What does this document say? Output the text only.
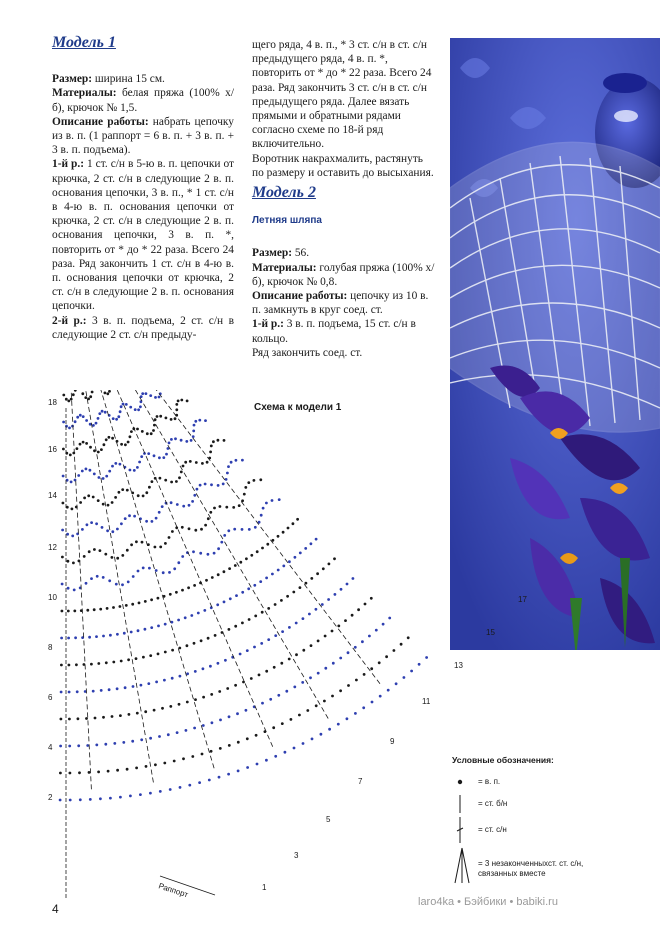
Модель 1

Размер: ширина 15 см.

Материалы: белая пряжа (100% х/б), крючок № 1,5.

Описание работы: набрать цепочку из в. п. (1 раппорт = 6 в. п. + 3 в. п. + 3 в. п. подъема).

1-й р.: 1 ст. с/н в 5-ю в. п. цепочки от крючка, 2 ст. с/н в следующие 2 в. п. основания цепочки, 3 в. п., * 1 ст. с/н в 4-ю в. п. основания цепочки от крючка, 2 ст. с/н в следующие 2 в. п. основания цепочки, 3 в. п. *, повторить от * до * 22 раза. Всего 24 раза. Ряд закончить 1 ст. с/н в 4-ю в. п. основания цепочки от крючка, 2 ст. с/н в следующие 2 в. п. основания цепочки.

2-й р.: 3 в. п. подъема, 2 ст. с/н в следующие 2 ст. с/н предыду-

щего ряда, 4 в. п., * 3 ст. с/н в ст. с/н предыдущего ряда, 4 в. п. *, повторить от * до * 22 раза. Всего 24 раза. Ряд закончить 3 ст. с/н в ст. с/н предыдущего ряда. Далее вязать прямыми и обратными рядами согласно схеме по 18-й ряд включительно.

Воротник накрахмалить, растянуть по размеру и оставить до высыхания.

Модель 2
Летняя шляпа

Размер: 56.

Материалы: голубая пряжа (100% х/б), крючок № 0,8.

Описание работы: цепочку из 10 в. п. замкнуть в круг соед. ст.

1-й р.: 3 в. п. подъема, 15 ст. с/н в кольцо.

Ряд закончить соед. ст.

Схема к модели 1
18
16
14
12
10
8
6
4
2
17
15
13
11
9
7
5
3
1
Раппорт
Условные обозначения:
= в. п.
= ст. б/н
= ст. с/н
= 3 незаконченныхст. ст. с/н, связанных вместе
4	laro4ka • Бэйбики • babiki.ru
